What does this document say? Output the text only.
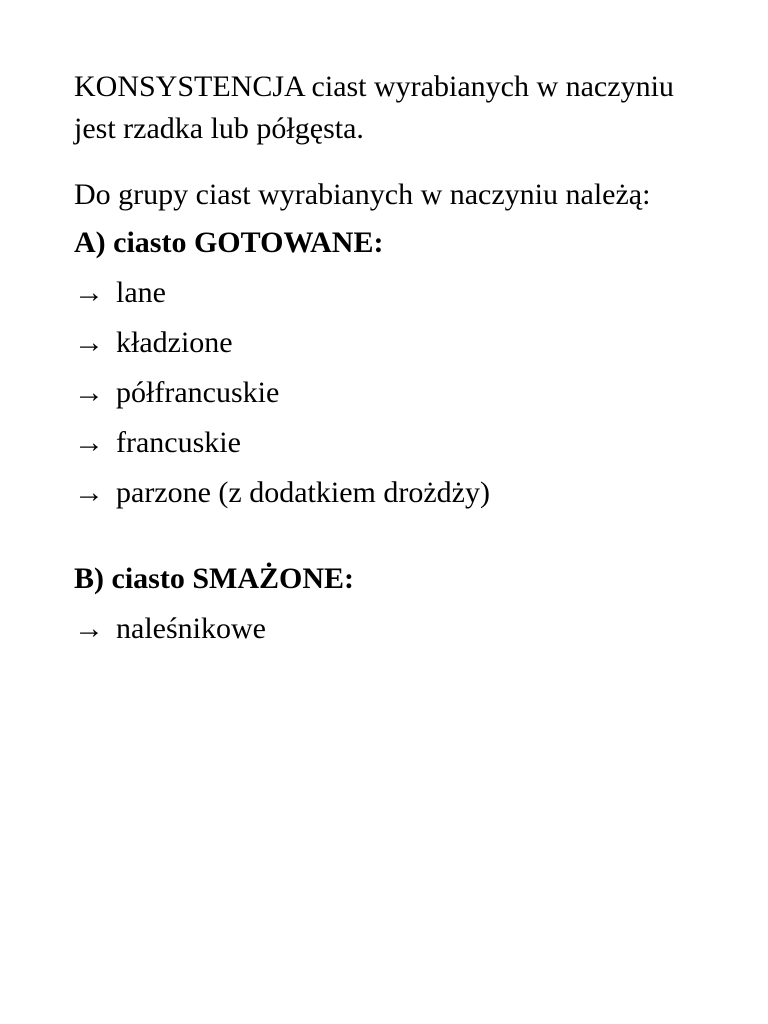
KONSYSTENCJA ciast wyrabianych w naczyniu jest rzadka lub półgęsta.

Do grupy ciast wyrabianych w naczyniu należą:

A) ciasto GOTOWANE:
→ lane
→ kładzione
→ półfrancuskie
→ francuskie
→ parzone (z dodatkiem drożdży)
B) ciasto SMAŻONE:
→ naleśnikowe
